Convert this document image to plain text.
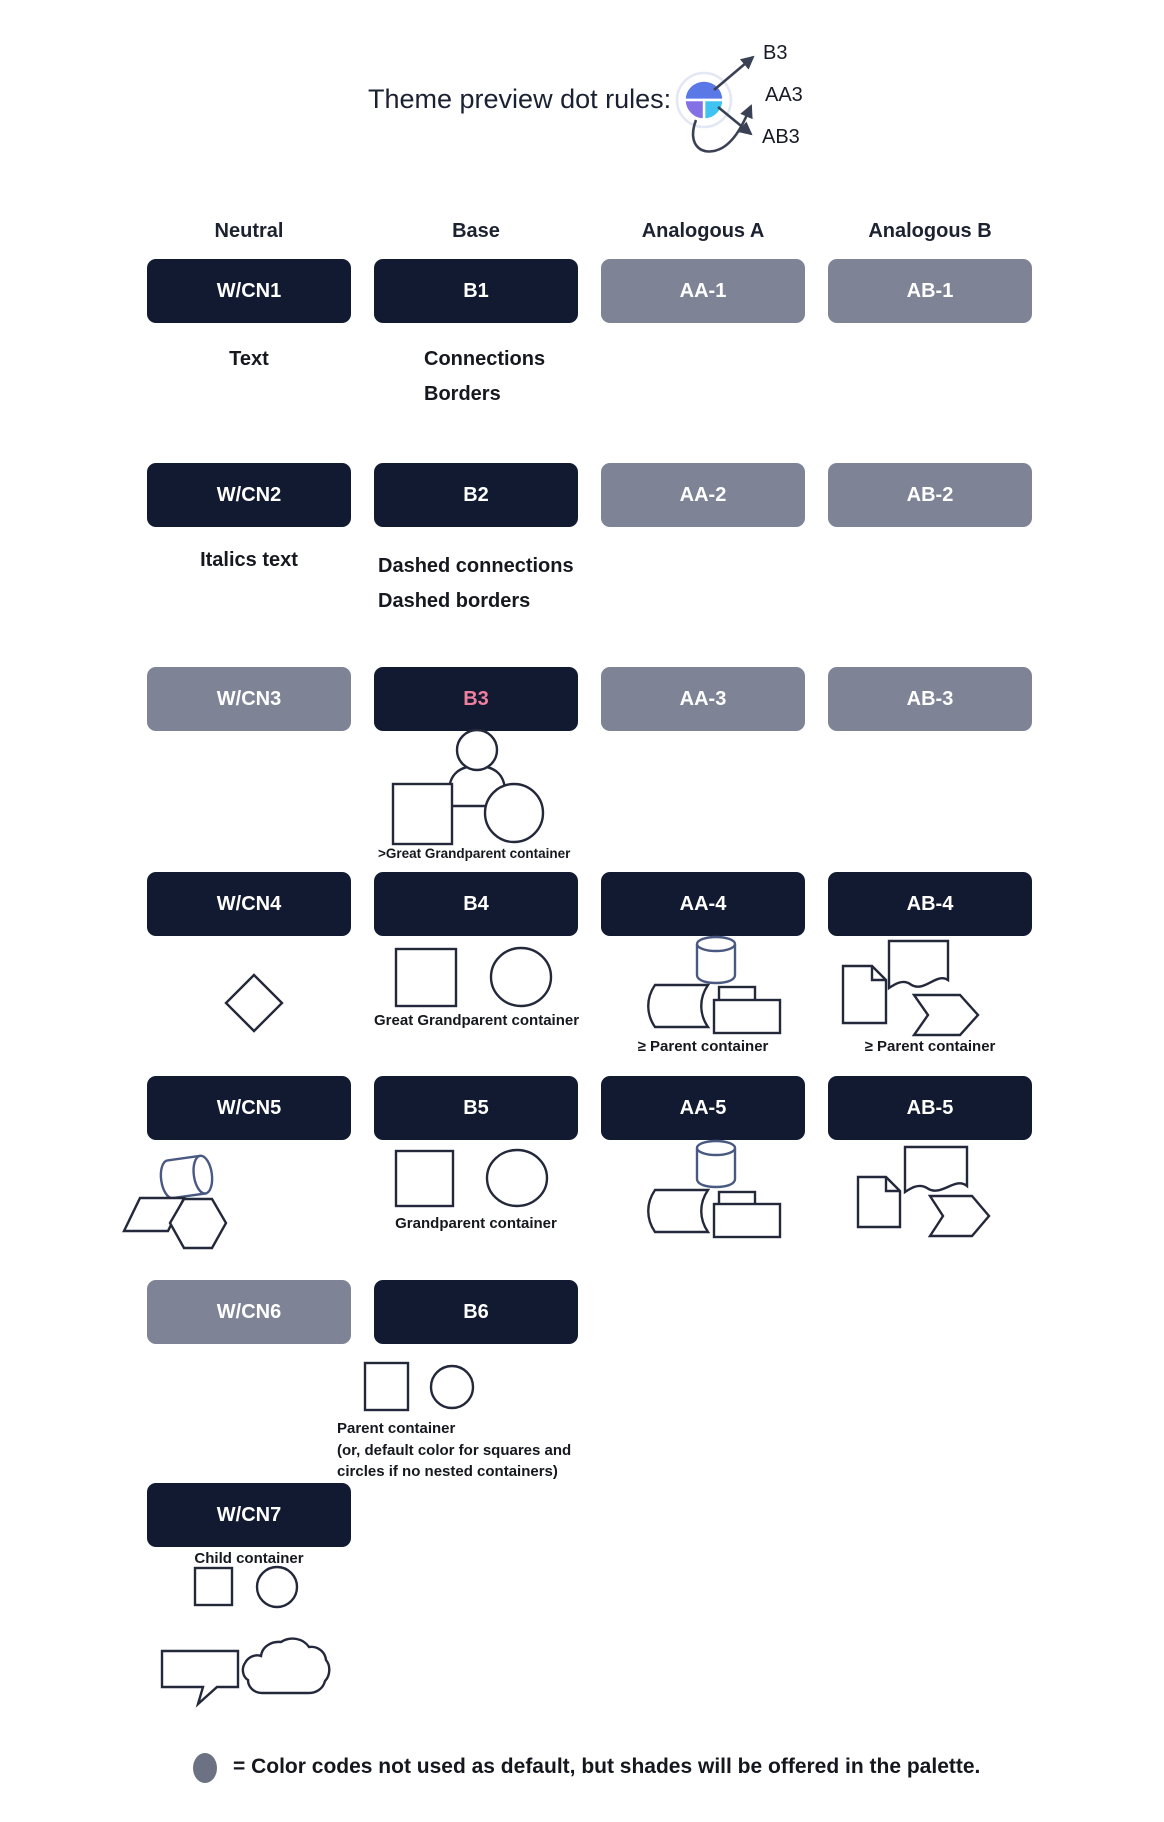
Theme preview dot rules:
B3
AA3
AB3
Neutral	Base	Analogous A	Analogous B
W/CN1	B1	AA-1	AB-1
W/CN2	B2	AA-2	AB-2
W/CN3	B3	AA-3	AB-3
W/CN4	B4	AA-4	AB-4
W/CN5	B5	AA-5	AB-5
W/CN6	B6
W/CN7
Text	Connections
Borders
Italics text	Dashed connections
Dashed borders
>Great Grandparent container
Great Grandparent container
≥ Parent container	≥ Parent container
Grandparent container
Parent container
(or, default color for squares and
circles if no nested containers)
Child container
= Color codes not used as default, but shades will be offered in the palette.
